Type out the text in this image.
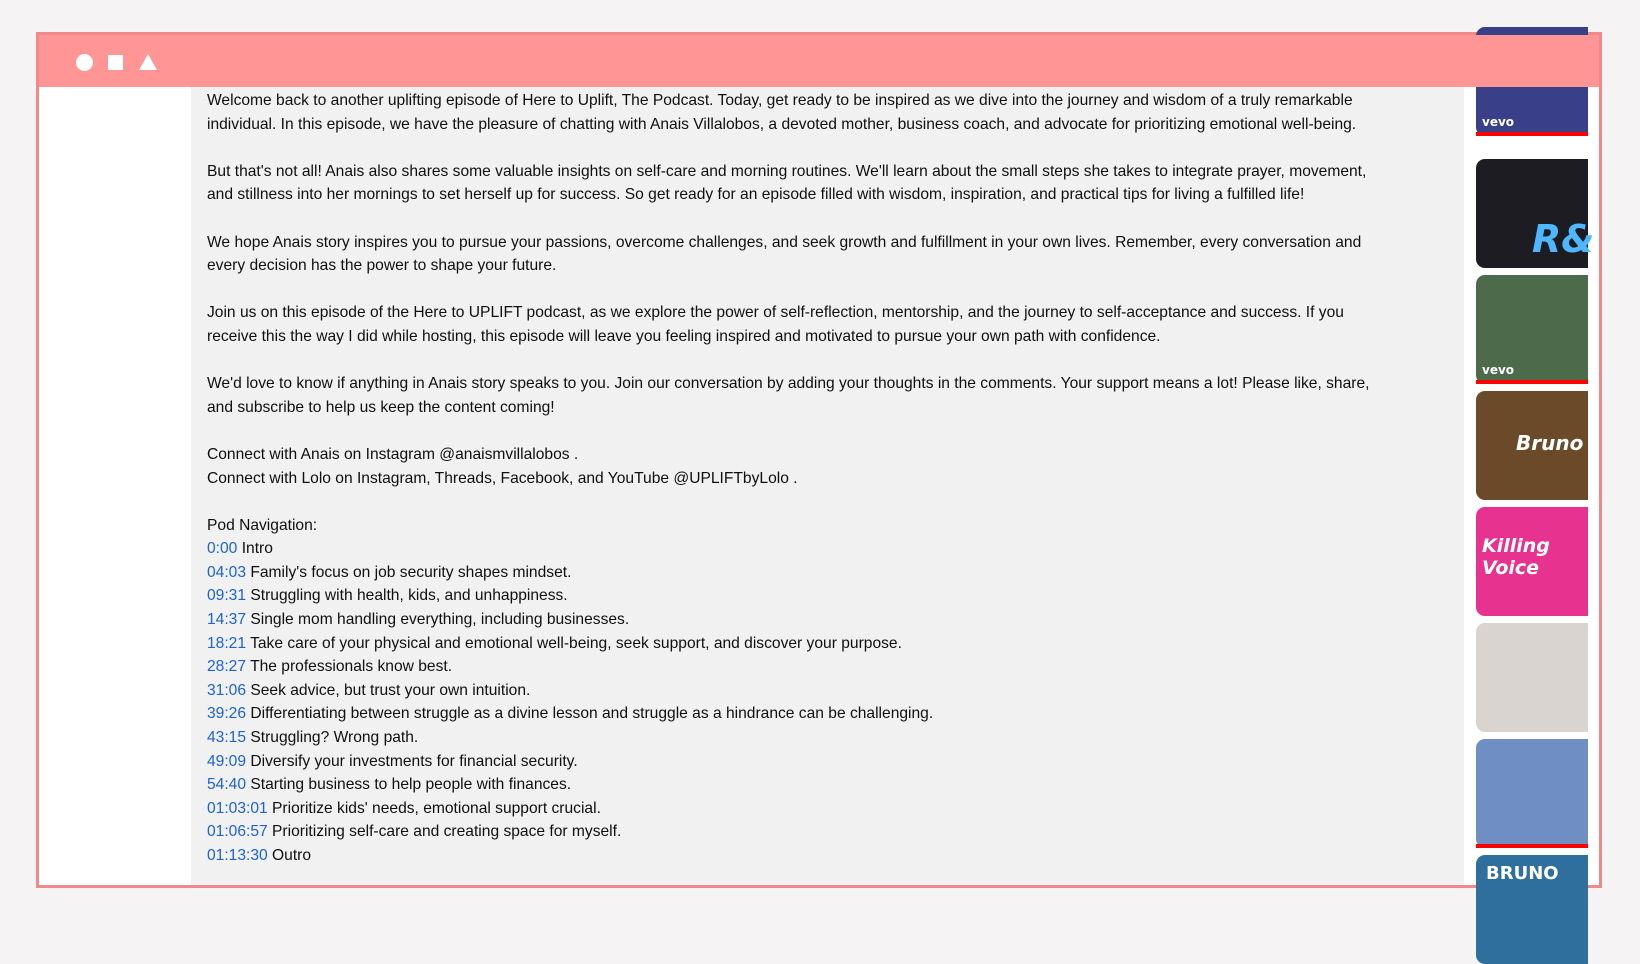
Welcome back to another uplifting episode of Here to Uplift, The Podcast. Today, get ready to be inspired as we dive into the journey and wisdom of a truly remarkable
individual. In this episode, we have the pleasure of chatting with Anais Villalobos, a devoted mother, business coach, and advocate for prioritizing emotional well-being.
But that's not all! Anais also shares some valuable insights on self-care and morning routines. We'll learn about the small steps she takes to integrate prayer, movement,
and stillness into her mornings to set herself up for success. So get ready for an episode filled with wisdom, inspiration, and practical tips for living a fulfilled life!
We hope Anais story inspires you to pursue your passions, overcome challenges, and seek growth and fulfillment in your own lives. Remember, every conversation and
every decision has the power to shape your future.
Join us on this episode of the Here to UPLIFT podcast, as we explore the power of self-reflection, mentorship, and the journey to self-acceptance and success. If you
receive this the way I did while hosting, this episode will leave you feeling inspired and motivated to pursue your own path with confidence.
We'd love to know if anything in Anais story speaks to you. Join our conversation by adding your thoughts in the comments. Your support means a lot! Please like, share,
and subscribe to help us keep the content coming!
Connect with Anais on Instagram @anaismvillalobos .
Connect with Lolo on Instagram, Threads, Facebook, and YouTube @UPLIFTbyLolo .
Pod Navigation:
0:00 Intro
04:03 Family's focus on job security shapes mindset.
09:31 Struggling with health, kids, and unhappiness.
14:37 Single mom handling everything, including businesses.
18:21 Take care of your physical and emotional well-being, seek support, and discover your purpose.
28:27 The professionals know best.
31:06 Seek advice, but trust your own intuition.
39:26 Differentiating between struggle as a divine lesson and struggle as a hindrance can be challenging.
43:15 Struggling? Wrong path.
49:09 Diversify your investments for financial security.
54:40 Starting business to help people with finances.
01:03:01 Prioritize kids' needs, emotional support crucial.
01:06:57 Prioritizing self-care and creating space for myself.
01:13:30 Outro
vevo
R&
vevo
Bruno
Killing Voice
BRUNO
